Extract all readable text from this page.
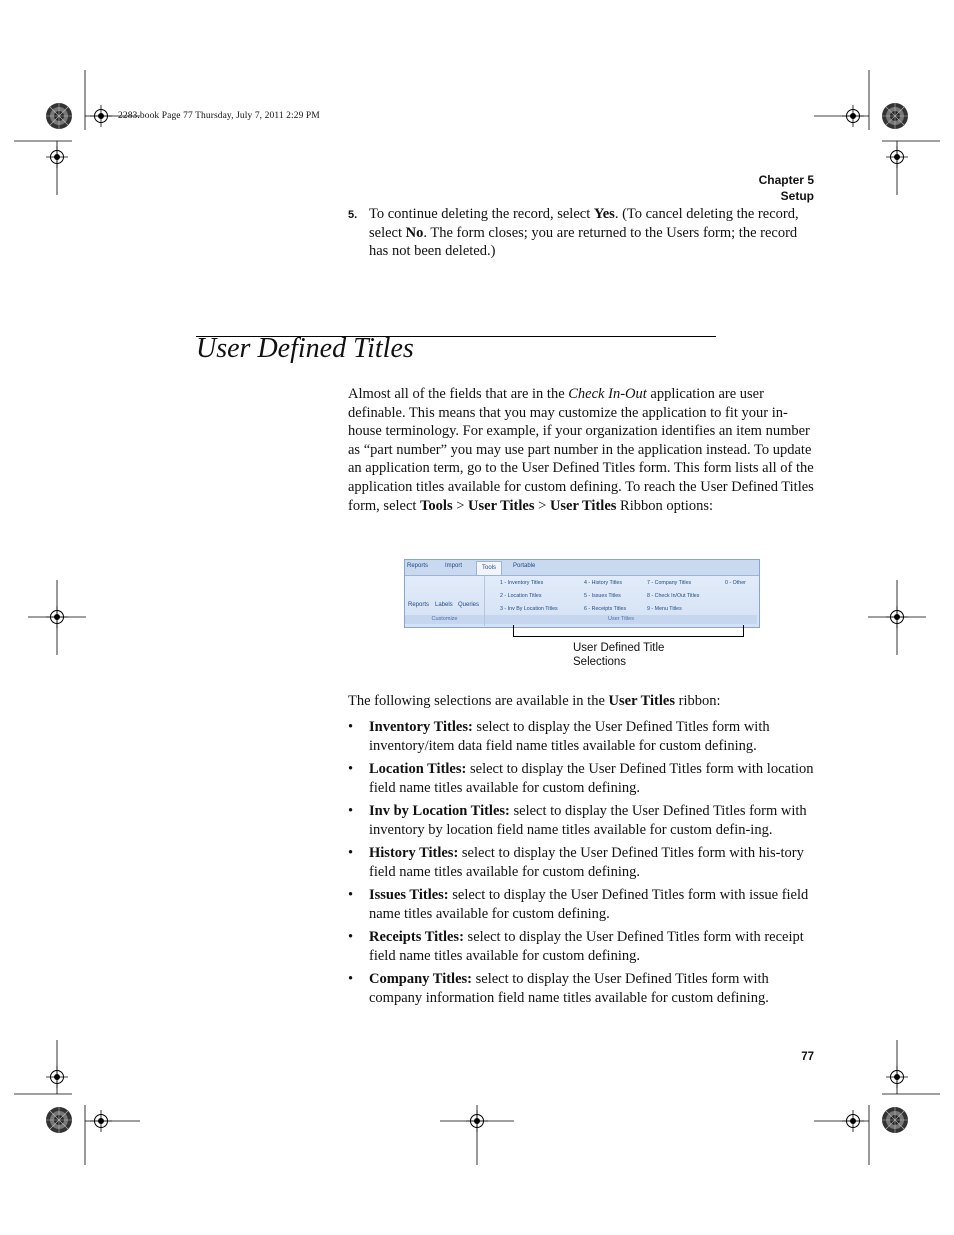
2283.book Page 77 Thursday, July 7, 2011 2:29 PM
Chapter 5
Setup
5. To continue deleting the record, select Yes. (To cancel deleting the record, select No. The form closes; you are returned to the Users form; the record has not been deleted.)
User Defined Titles
Almost all of the fields that are in the Check In-Out application are user definable. This means that you may customize the application to fit your in-house terminology. For example, if your organization identifies an item number as “part number” you may use part number in the application instead. To update an application term, go to the User Defined Titles form. This form lists all of the application titles available for custom defining. To reach the User Defined Titles form, select Tools > User Titles > User Titles Ribbon options:
Reports	Import	Tools	Portable
Reports Labels Queries
Customize
1 - Inventory Titles
2 - Location Titles
3 - Inv By Location Titles
4 - History Titles
5 - Issues Titles
6 - Receipts Titles
7 - Company Titles
8 - Check In/Out Titles
9 - Menu Titles
0 - Other
User Titles
User Defined Title Selections
The following selections are available in the User Titles ribbon:
• Inventory Titles: select to display the User Defined Titles form with inventory/item data field name titles available for custom defining.
• Location Titles: select to display the User Defined Titles form with location field name titles available for custom defining.
• Inv by Location Titles: select to display the User Defined Titles form with inventory by location field name titles available for custom defin-ing.
• History Titles: select to display the User Defined Titles form with his-tory field name titles available for custom defining.
• Issues Titles: select to display the User Defined Titles form with issue field name titles available for custom defining.
• Receipts Titles: select to display the User Defined Titles form with receipt field name titles available for custom defining.
• Company Titles: select to display the User Defined Titles form with company information field name titles available for custom defining.
77
